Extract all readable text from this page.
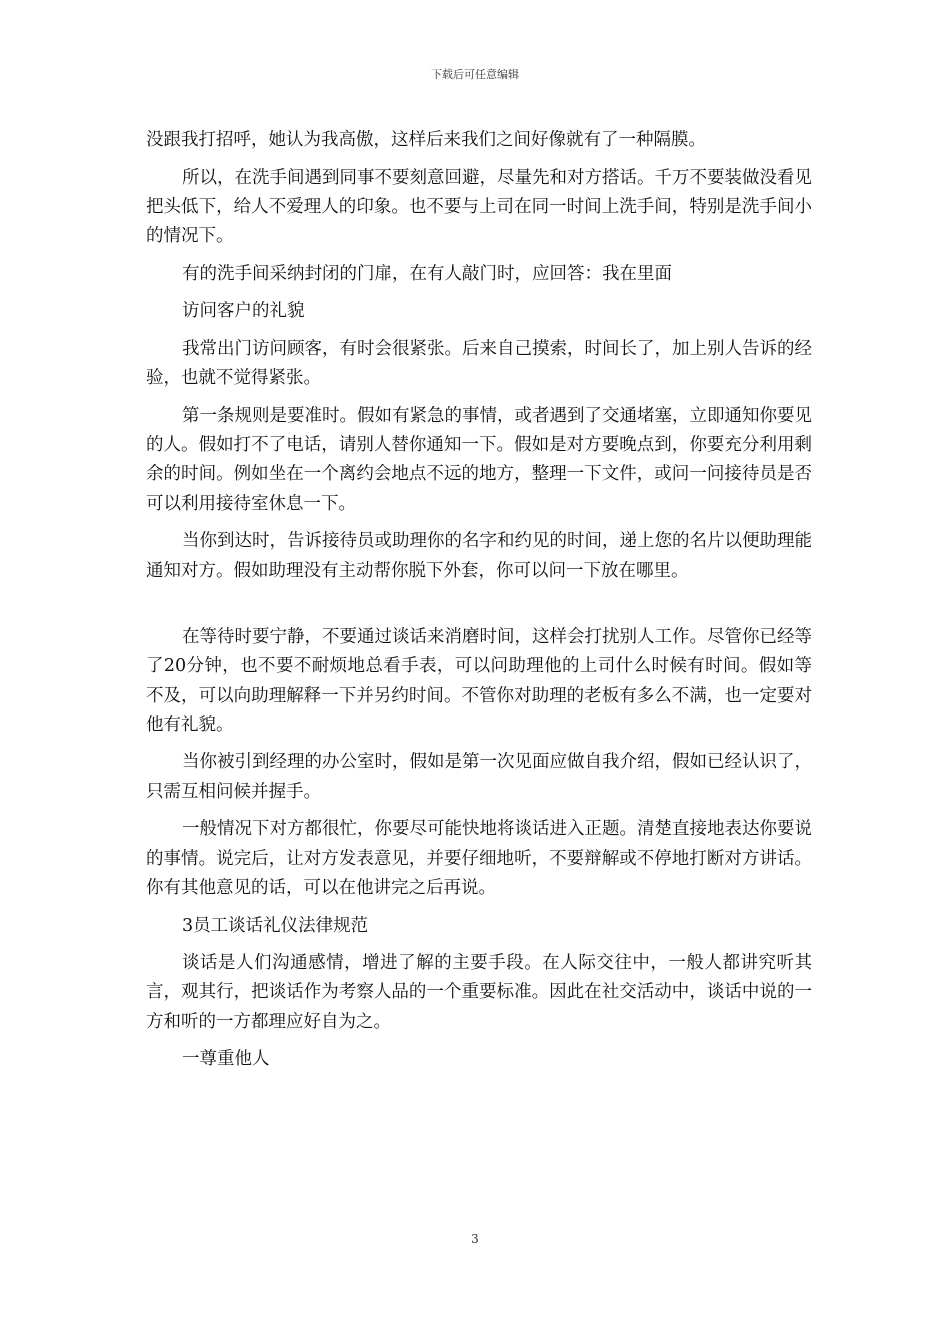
下载后可任意编辑

没跟我打招呼，她认为我高傲，这样后来我们之间好像就有了一种隔膜。

所以，在洗手间遇到同事不要刻意回避，尽量先和对方搭话。千万不要装做没看见把头低下，给人不爱理人的印象。也不要与上司在同一时间上洗手间，特别是洗手间小的情况下。

有的洗手间采纳封闭的门扉，在有人敲门时，应回答：我在里面

访问客户的礼貌

我常出门访问顾客，有时会很紧张。后来自己摸索，时间长了，加上别人告诉的经验，也就不觉得紧张。

第一条规则是要准时。假如有紧急的事情，或者遇到了交通堵塞，立即通知你要见的人。假如打不了电话，请别人替你通知一下。假如是对方要晚点到，你要充分利用剩余的时间。例如坐在一个离约会地点不远的地方，整理一下文件，或问一问接待员是否可以利用接待室休息一下。

当你到达时，告诉接待员或助理你的名字和约见的时间，递上您的名片以便助理能通知对方。假如助理没有主动帮你脱下外套，你可以问一下放在哪里。

在等待时要宁静，不要通过谈话来消磨时间，这样会打扰别人工作。尽管你已经等了20分钟，也不要不耐烦地总看手表，可以问助理他的上司什么时候有时间。假如等不及，可以向助理解释一下并另约时间。不管你对助理的老板有多么不满，也一定要对他有礼貌。

当你被引到经理的办公室时，假如是第一次见面应做自我介绍，假如已经认识了，只需互相问候并握手。

一般情况下对方都很忙，你要尽可能快地将谈话进入正题。清楚直接地表达你要说的事情。说完后，让对方发表意见，并要仔细地听，不要辩解或不停地打断对方讲话。你有其他意见的话，可以在他讲完之后再说。

3员工谈话礼仪法律规范

谈话是人们沟通感情，增进了解的主要手段。在人际交往中，一般人都讲究听其言，观其行，把谈话作为考察人品的一个重要标准。因此在社交活动中，谈话中说的一方和听的一方都理应好自为之。

一尊重他人

3
